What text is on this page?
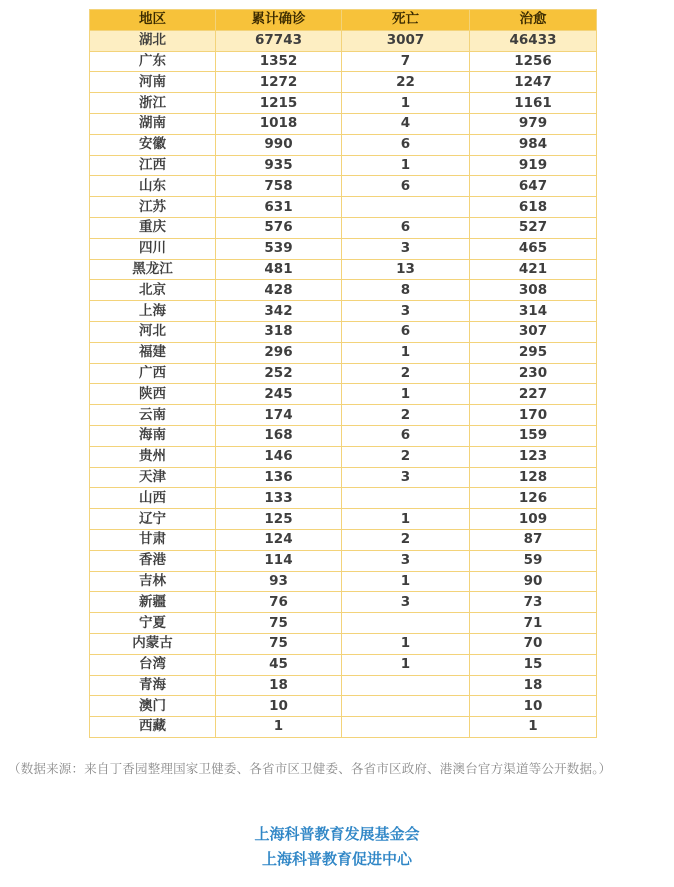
地区	累计确诊	死亡	治愈
湖北	67743	3007	46433
广东	1352	7	1256
河南	1272	22	1247
浙江	1215	1	1161
湖南	1018	4	979
安徽	990	6	984
江西	935	1	919
山东	758	6	647
江苏	631		618
重庆	576	6	527
四川	539	3	465
黑龙江	481	13	421
北京	428	8	308
上海	342	3	314
河北	318	6	307
福建	296	1	295
广西	252	2	230
陕西	245	1	227
云南	174	2	170
海南	168	6	159
贵州	146	2	123
天津	136	3	128
山西	133		126
辽宁	125	1	109
甘肃	124	2	87
香港	114	3	59
吉林	93	1	90
新疆	76	3	73
宁夏	75		71
内蒙古	75	1	70
台湾	45	1	15
青海	18		18
澳门	10		10
西藏	1		1
（数据来源：来自丁香园整理国家卫健委、各省市区卫健委、各省市区政府、港澳台官方渠道等公开数据。）
上海科普教育发展基金会
上海科普教育促进中心
